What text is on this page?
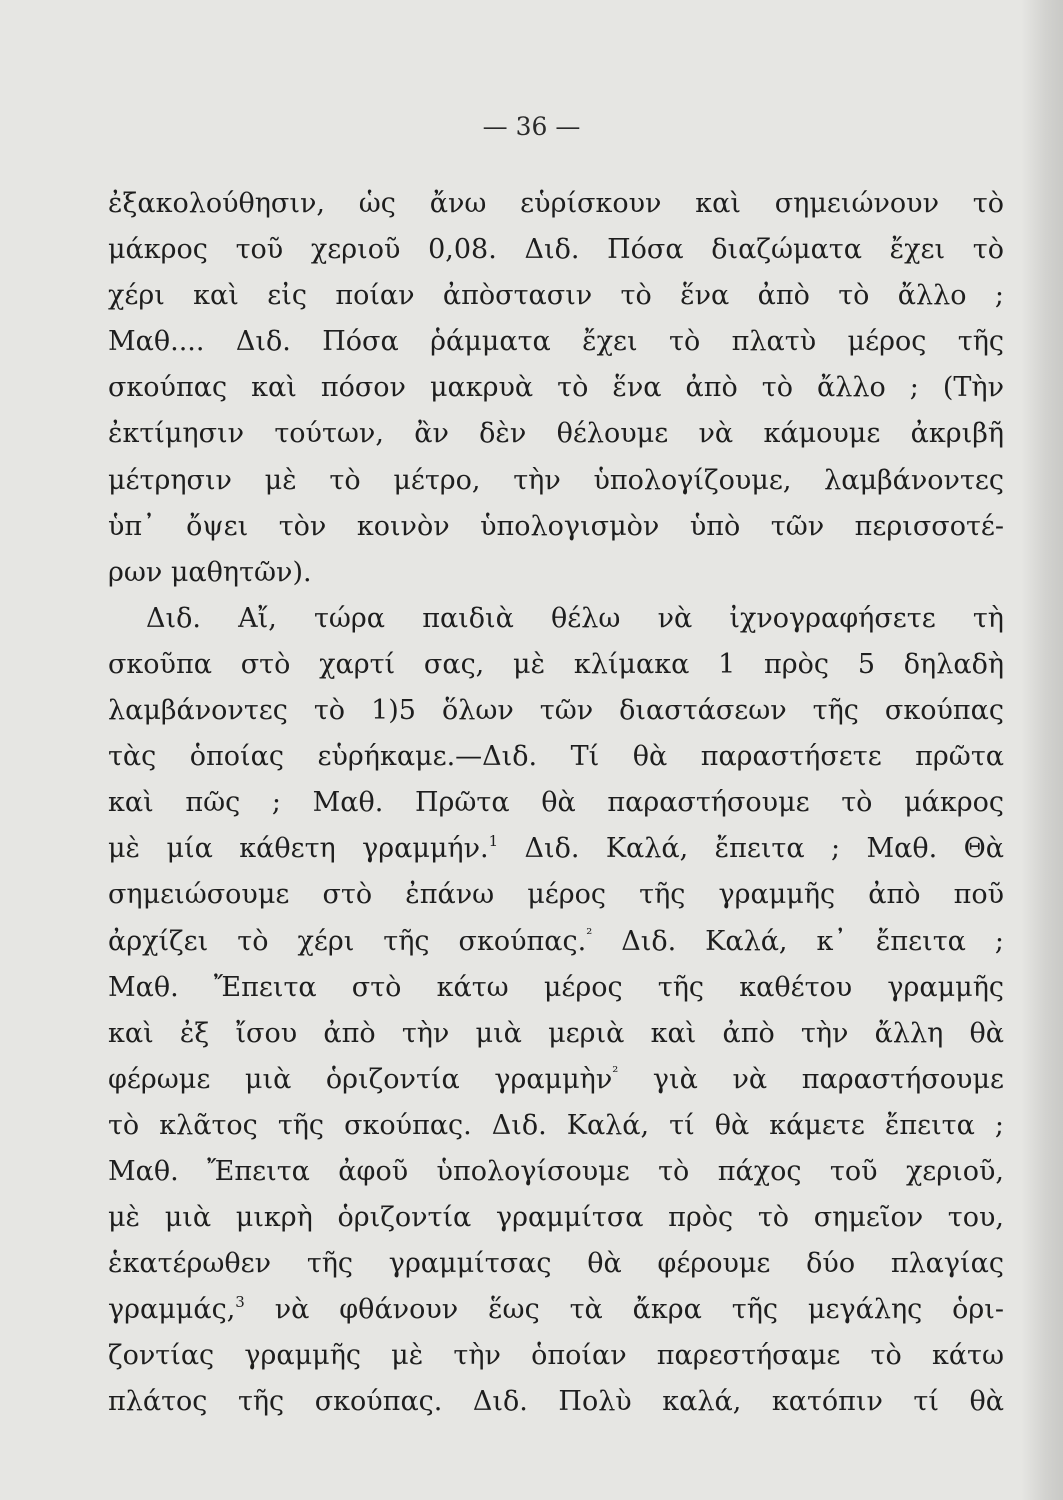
— 36 —
ἐξακολούθησιν, ὡς ἄνω εὑρίσκουν καὶ σημειώνουν τὸ
μάκρος τοῦ χεριοῦ 0,08. Διδ. Πόσα διαζώματα ἔχει τὸ
χέρι καὶ εἰς ποίαν ἀπὸστασιν τὸ ἕνα ἀπὸ τὸ ἄλλο ;
Μαθ.... Διδ. Πόσα ῥάμματα ἔχει τὸ πλατὺ μέρος τῆς
σκούπας καὶ πόσον μακρυὰ τὸ ἕνα ἀπὸ τὸ ἄλλο ; (Τὴν
ἐκτίμησιν τούτων, ἂν δὲν θέλουμε νὰ κάμουμε ἀκριβῆ
μέτρησιν μὲ τὸ μέτρο, τὴν ὑπολογίζουμε, λαμβάνοντες
ὑπ᾽ ὄψει τὸν κοινὸν ὑπολογισμὸν ὑπὸ τῶν περισσοτέ-
ρων μαθητῶν).
Διδ. Αἴ, τώρα παιδιὰ θέλω νὰ ἰχνογραφήσετε τὴ
σκοῦπα στὸ χαρτί σας, μὲ κλίμακα 1 πρὸς 5 δηλαδὴ
λαμβάνοντες τὸ 1)5 ὅλων τῶν διαστάσεων τῆς σκούπας
τὰς ὁποίας εὑρήκαμε.—Διδ. Τί θὰ παραστήσετε πρῶτα
καὶ πῶς ; Μαθ. Πρῶτα θὰ παραστήσουμε τὸ μάκρος
μὲ μία κάθετη γραμμήν.$^1$ Διδ. Καλά, ἔπειτα ; Μαθ. Θὰ
σημειώσουμε στὸ ἐπάνω μέρος τῆς γραμμῆς ἀπὸ ποῦ
ἀρχίζει τὸ χέρι τῆς σκούπας.$^{^2}$ Διδ. Καλά, κ᾽ ἔπειτα ;
Μαθ. Ἔπειτα στὸ κάτω μέρος τῆς καθέτου γραμμῆς
καὶ ἐξ ἴσου ἀπὸ τὴν μιὰ μεριὰ καὶ ἀπὸ τὴν ἄλλη θὰ
φέρωμε μιὰ ὁριζοντία γραμμὴν$^{^2}$ γιὰ νὰ παραστήσουμε
τὸ κλᾶτος τῆς σκούπας. Διδ. Καλά, τί θὰ κάμετε ἔπειτα ;
Μαθ. Ἔπειτα ἀφοῦ ὑπολογίσουμε τὸ πάχος τοῦ χεριοῦ,
μὲ μιὰ μικρὴ ὁριζοντία γραμμίτσα πρὸς τὸ σημεῖον του,
ἑκατέρωθεν τῆς γραμμίτσας θὰ φέρουμε δύο πλαγίας
γραμμάς,$^3$ νὰ φθάνουν ἕως τὰ ἄκρα τῆς μεγάλης ὁρι-
ζοντίας γραμμῆς μὲ τὴν ὁποίαν παρεστήσαμε τὸ κάτω
πλάτος τῆς σκούπας. Διδ. Πολὺ καλά, κατόπιν τί θὰ
